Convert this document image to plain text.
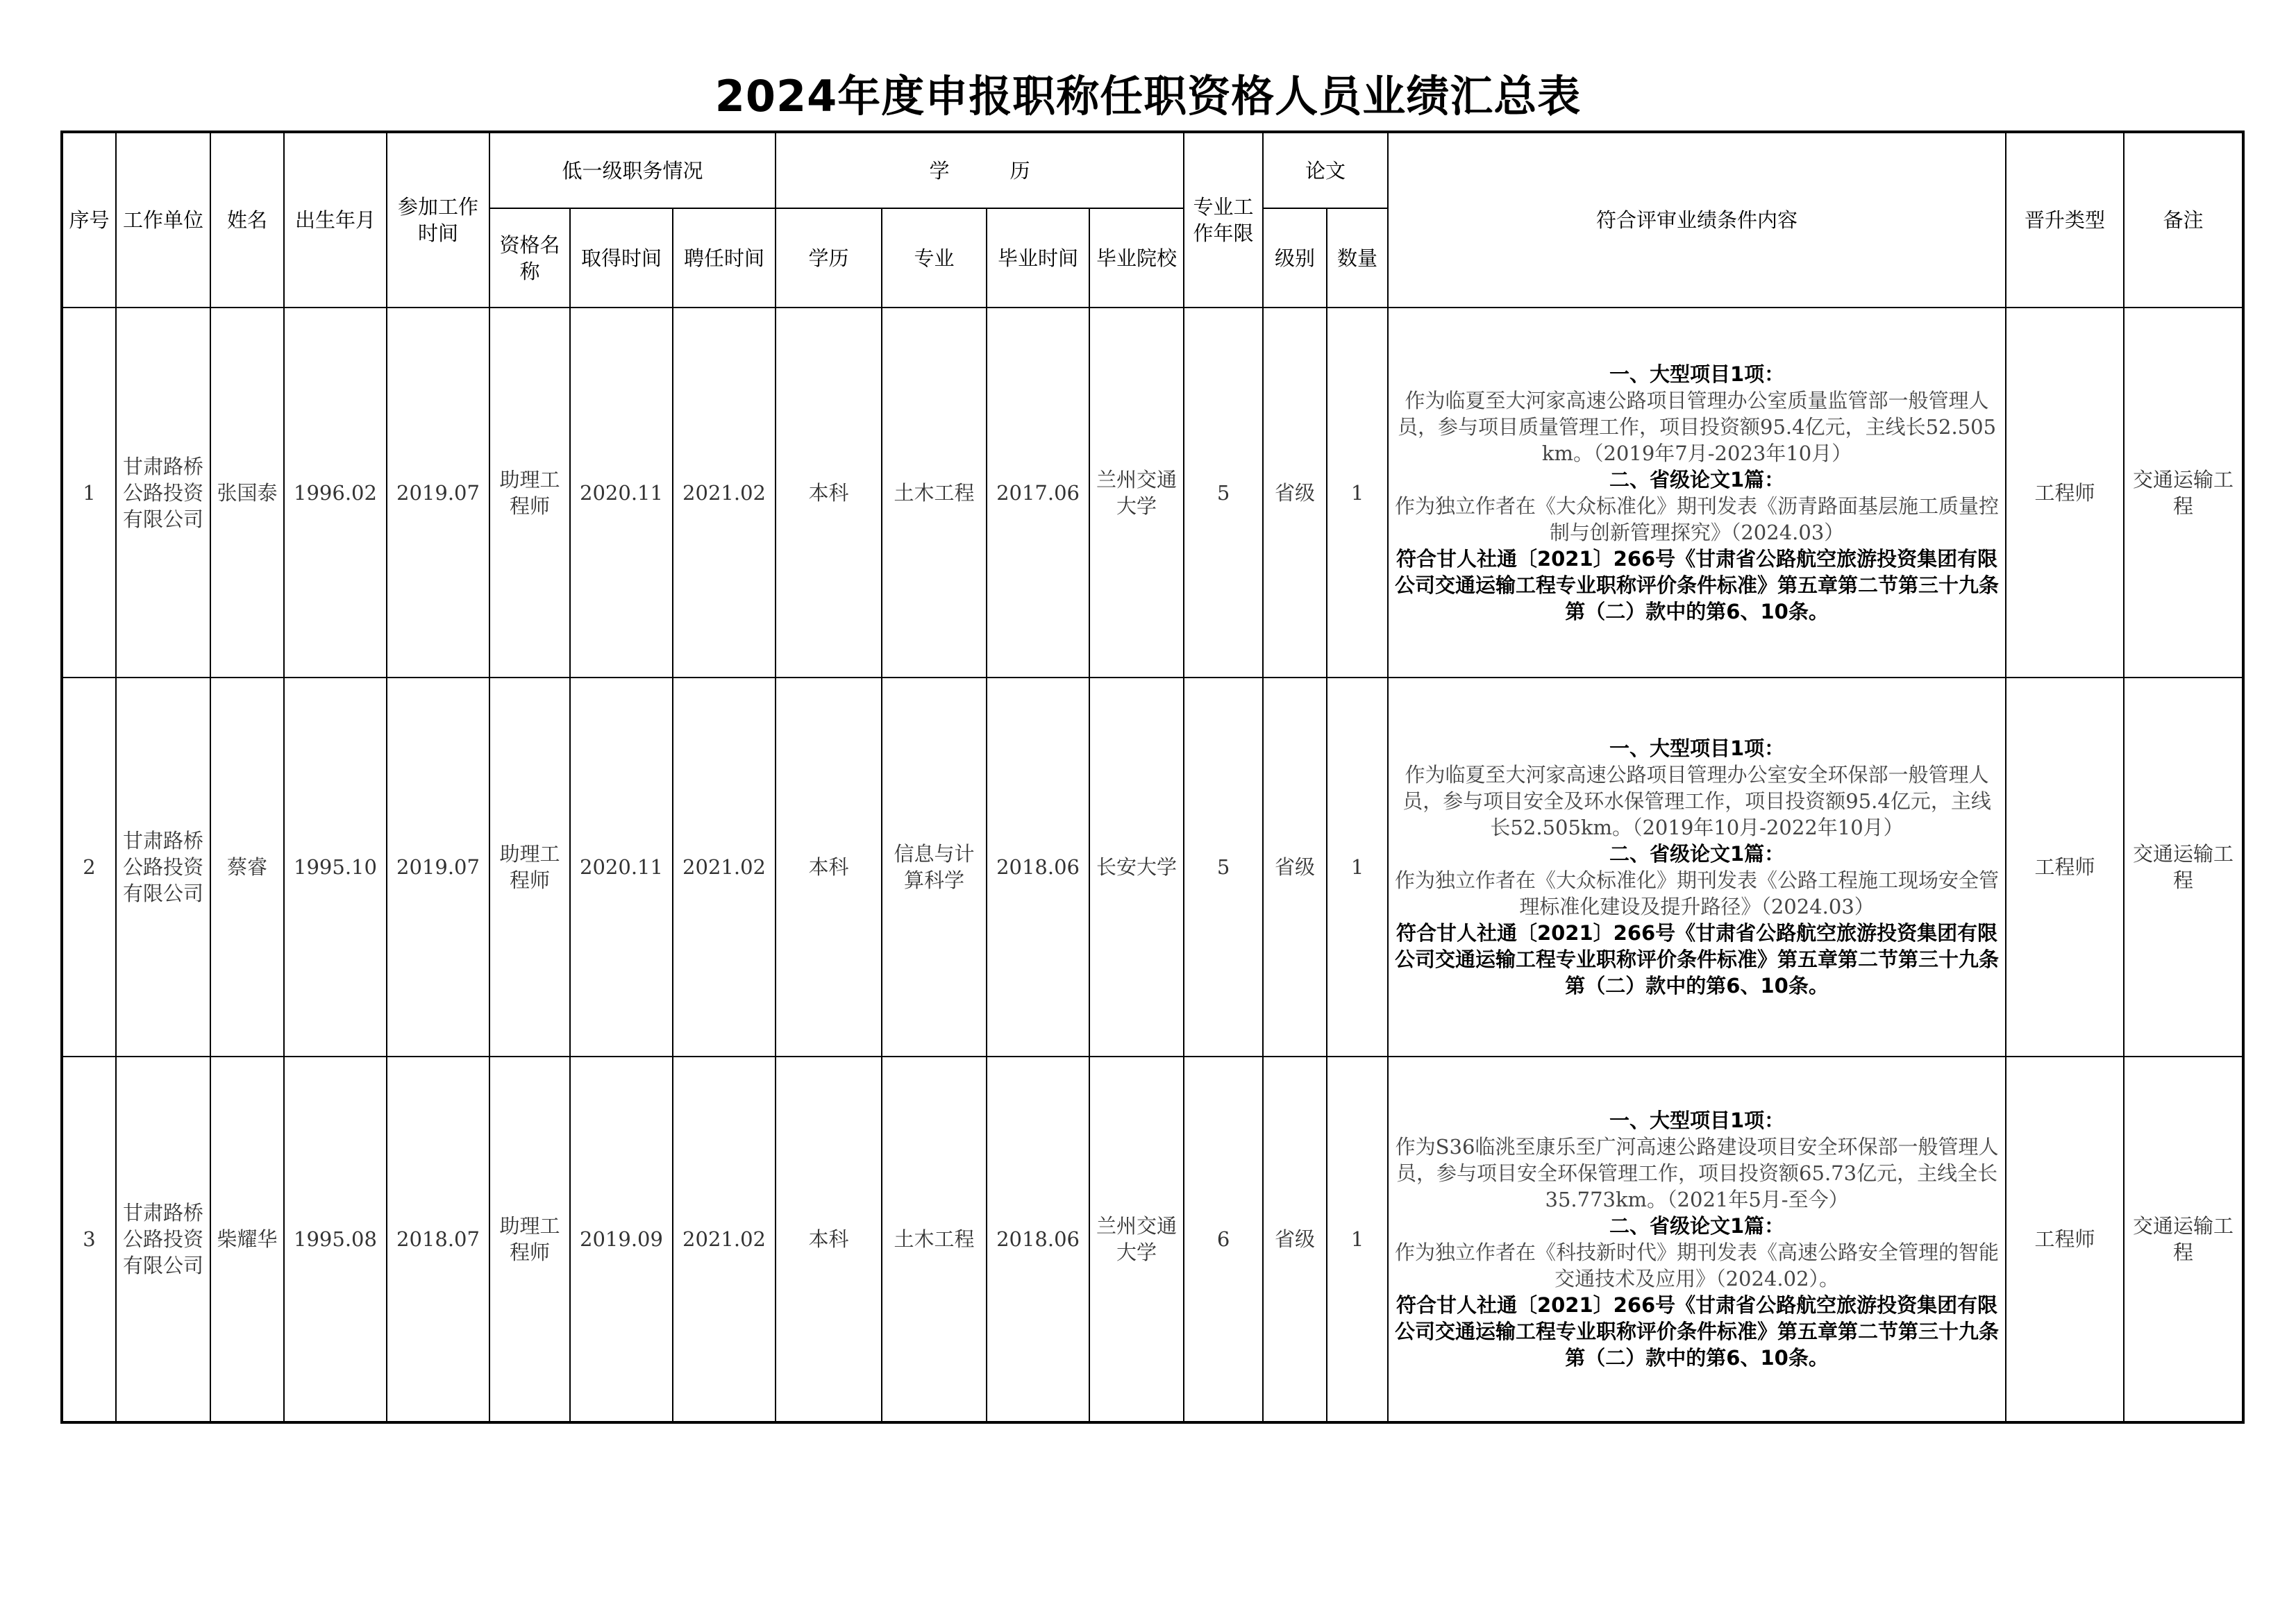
2024年度申报职称任职资格人员业绩汇总表
序号	工作单位	姓名	出生年月	参加工作时间	低一级职务情况			学　　　历				专业工作年限	论文		符合评审业绩条件内容	晋升类型	备注
					资格名称	取得时间	聘任时间	学历	专业	毕业时间	毕业院校		级别	数量			
1	甘肃路桥公路投资有限公司	张国泰	1996.02	2019.07	助理工程师	2020.11	2021.02	本科	土木工程	2017.06	兰州交通大学	5	省级	1	一、大型项目1项：
作为临夏至大河家高速公路项目管理办公室质量监管部一般管理人员，参与项目质量管理工作，项目投资额95.4亿元，主线长52.505km。（2019年7月-2023年10月）
二、省级论文1篇：
作为独立作者在《大众标准化》期刊发表《沥青路面基层施工质量控制与创新管理探究》（2024.03）
符合甘人社通〔2021〕266号《甘肃省公路航空旅游投资集团有限公司交通运输工程专业职称评价条件标准》第五章第二节第三十九条第（二）款中的第6、10条。	工程师	交通运输工程
2	甘肃路桥公路投资有限公司	蔡睿	1995.10	2019.07	助理工程师	2020.11	2021.02	本科	信息与计算科学	2018.06	长安大学	5	省级	1	一、大型项目1项：
作为临夏至大河家高速公路项目管理办公室安全环保部一般管理人员，参与项目安全及环水保管理工作，项目投资额95.4亿元，主线长52.505km。（2019年10月-2022年10月）
二、省级论文1篇：
作为独立作者在《大众标准化》期刊发表《公路工程施工现场安全管理标准化建设及提升路径》（2024.03）
符合甘人社通〔2021〕266号《甘肃省公路航空旅游投资集团有限公司交通运输工程专业职称评价条件标准》第五章第二节第三十九条第（二）款中的第6、10条。	工程师	交通运输工程
3	甘肃路桥公路投资有限公司	柴耀华	1995.08	2018.07	助理工程师	2019.09	2021.02	本科	土木工程	2018.06	兰州交通大学	6	省级	1	一、大型项目1项：
作为S36临洮至康乐至广河高速公路建设项目安全环保部一般管理人员，参与项目安全环保管理工作，项目投资额65.73亿元，主线全长35.773km。（2021年5月-至今）
二、省级论文1篇：
作为独立作者在《科技新时代》期刊发表《高速公路安全管理的智能交通技术及应用》（2024.02）。
符合甘人社通〔2021〕266号《甘肃省公路航空旅游投资集团有限公司交通运输工程专业职称评价条件标准》第五章第二节第三十九条第（二）款中的第6、10条。	工程师	交通运输工程
